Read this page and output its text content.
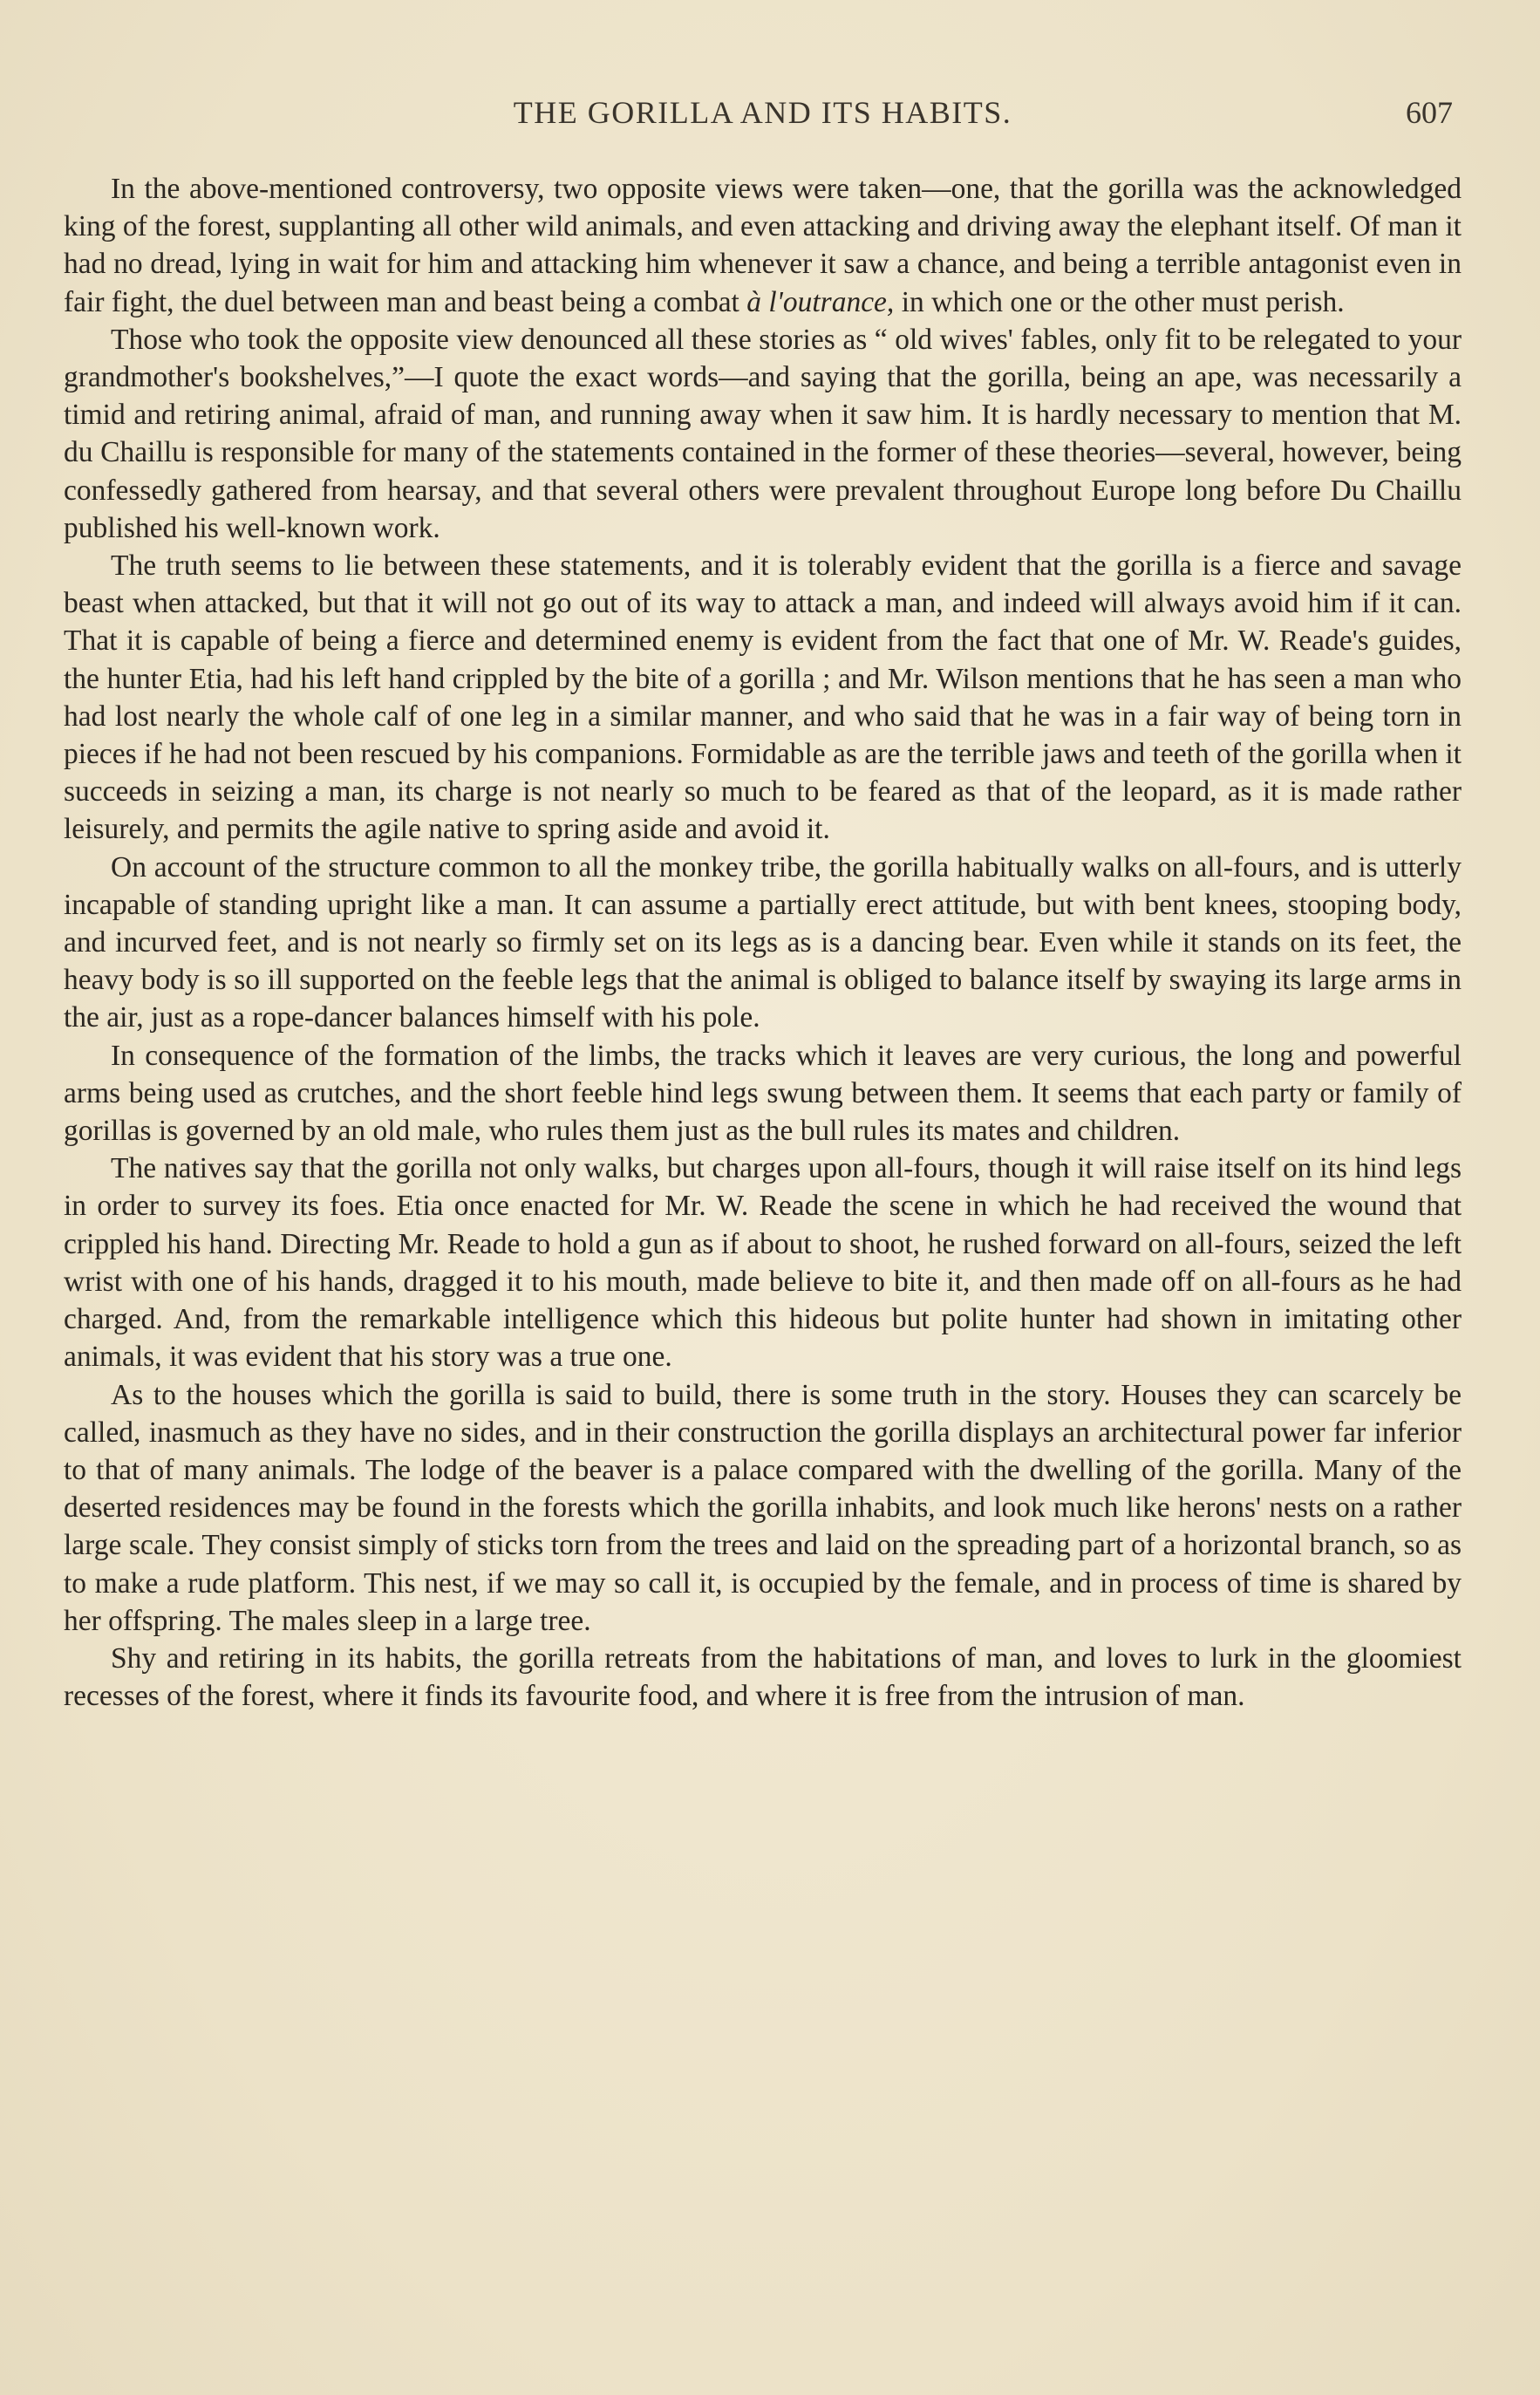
THE GORILLA AND ITS HABITS.	607

In the above-mentioned controversy, two opposite views were taken—one, that the gorilla was the acknowledged king of the forest, supplanting all other wild animals, and even attacking and driving away the elephant itself. Of man it had no dread, lying in wait for him and attacking him whenever it saw a chance, and being a terrible antagonist even in fair fight, the duel between man and beast being a combat à l'outrance, in which one or the other must perish.

Those who took the opposite view denounced all these stories as “ old wives' fables, only fit to be relegated to your grandmother's bookshelves,”—I quote the exact words—and saying that the gorilla, being an ape, was necessarily a timid and retiring animal, afraid of man, and running away when it saw him. It is hardly necessary to mention that M. du Chaillu is responsible for many of the statements contained in the former of these theories—several, however, being confessedly gathered from hearsay, and that several others were prevalent throughout Europe long before Du Chaillu published his well-known work.

The truth seems to lie between these statements, and it is tolerably evident that the gorilla is a fierce and savage beast when attacked, but that it will not go out of its way to attack a man, and indeed will always avoid him if it can. That it is capable of being a fierce and determined enemy is evident from the fact that one of Mr. W. Reade's guides, the hunter Etia, had his left hand crippled by the bite of a gorilla ; and Mr. Wilson mentions that he has seen a man who had lost nearly the whole calf of one leg in a similar manner, and who said that he was in a fair way of being torn in pieces if he had not been rescued by his companions. Formidable as are the terrible jaws and teeth of the gorilla when it succeeds in seizing a man, its charge is not nearly so much to be feared as that of the leopard, as it is made rather leisurely, and permits the agile native to spring aside and avoid it.

On account of the structure common to all the monkey tribe, the gorilla habitually walks on all-fours, and is utterly incapable of standing upright like a man. It can assume a partially erect attitude, but with bent knees, stooping body, and incurved feet, and is not nearly so firmly set on its legs as is a dancing bear. Even while it stands on its feet, the heavy body is so ill supported on the feeble legs that the animal is obliged to balance itself by swaying its large arms in the air, just as a rope-dancer balances himself with his pole.

In consequence of the formation of the limbs, the tracks which it leaves are very curious, the long and powerful arms being used as crutches, and the short feeble hind legs swung between them. It seems that each party or family of gorillas is governed by an old male, who rules them just as the bull rules its mates and children.

The natives say that the gorilla not only walks, but charges upon all-fours, though it will raise itself on its hind legs in order to survey its foes. Etia once enacted for Mr. W. Reade the scene in which he had received the wound that crippled his hand. Directing Mr. Reade to hold a gun as if about to shoot, he rushed forward on all-fours, seized the left wrist with one of his hands, dragged it to his mouth, made believe to bite it, and then made off on all-fours as he had charged. And, from the remarkable intelligence which this hideous but polite hunter had shown in imitating other animals, it was evident that his story was a true one.

As to the houses which the gorilla is said to build, there is some truth in the story. Houses they can scarcely be called, inasmuch as they have no sides, and in their construction the gorilla displays an architectural power far inferior to that of many animals. The lodge of the beaver is a palace compared with the dwelling of the gorilla. Many of the deserted residences may be found in the forests which the gorilla inhabits, and look much like herons' nests on a rather large scale. They consist simply of sticks torn from the trees and laid on the spreading part of a horizontal branch, so as to make a rude platform. This nest, if we may so call it, is occupied by the female, and in process of time is shared by her offspring. The males sleep in a large tree.

Shy and retiring in its habits, the gorilla retreats from the habitations of man, and loves to lurk in the gloomiest recesses of the forest, where it finds its favourite food, and where it is free from the intrusion of man.
